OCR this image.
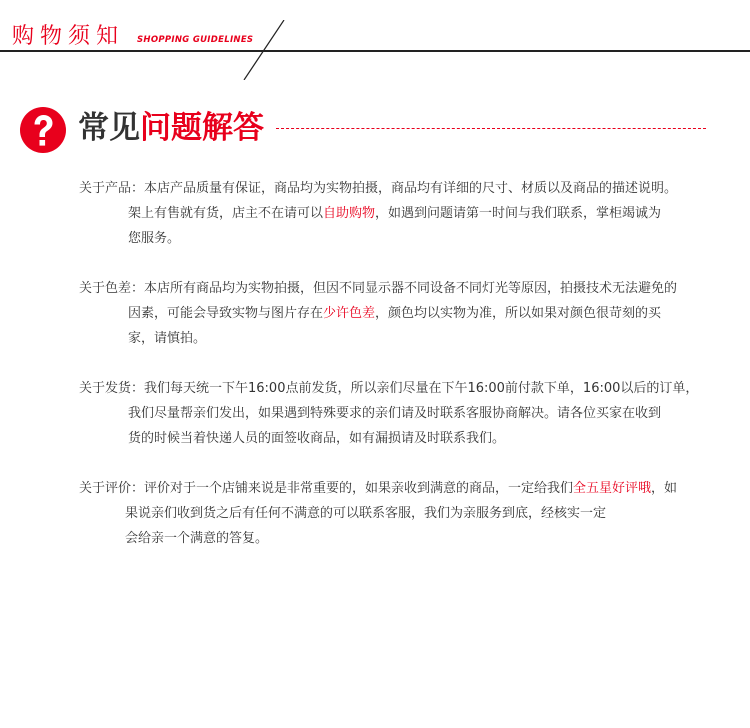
购物须知 SHOPPING GUIDELINES
常见问题解答
关于产品：本店产品质量有保证，商品均为实物拍摄，商品均有详细的尺寸、材质以及商品的描述说明。
架上有售就有货，店主不在请可以自助购物，如遇到问题请第一时间与我们联系，掌柜竭诚为
您服务。
关于色差：本店所有商品均为实物拍摄，但因不同显示器不同设备不同灯光等原因，拍摄技术无法避免的
因素，可能会导致实物与图片存在少许色差，颜色均以实物为准，所以如果对颜色很苛刻的买
家，请慎拍。
关于发货：我们每天统一下午16:00点前发货，所以亲们尽量在下午16:00前付款下单，16:00以后的订单，
我们尽量帮亲们发出，如果遇到特殊要求的亲们请及时联系客服协商解决。请各位买家在收到
货的时候当着快递人员的面签收商品，如有漏损请及时联系我们。
关于评价：评价对于一个店铺来说是非常重要的，如果亲收到满意的商品，一定给我们全五星好评哦，如
果说亲们收到货之后有任何不满意的可以联系客服，我们为亲服务到底，经核实一定
会给亲一个满意的答复。
